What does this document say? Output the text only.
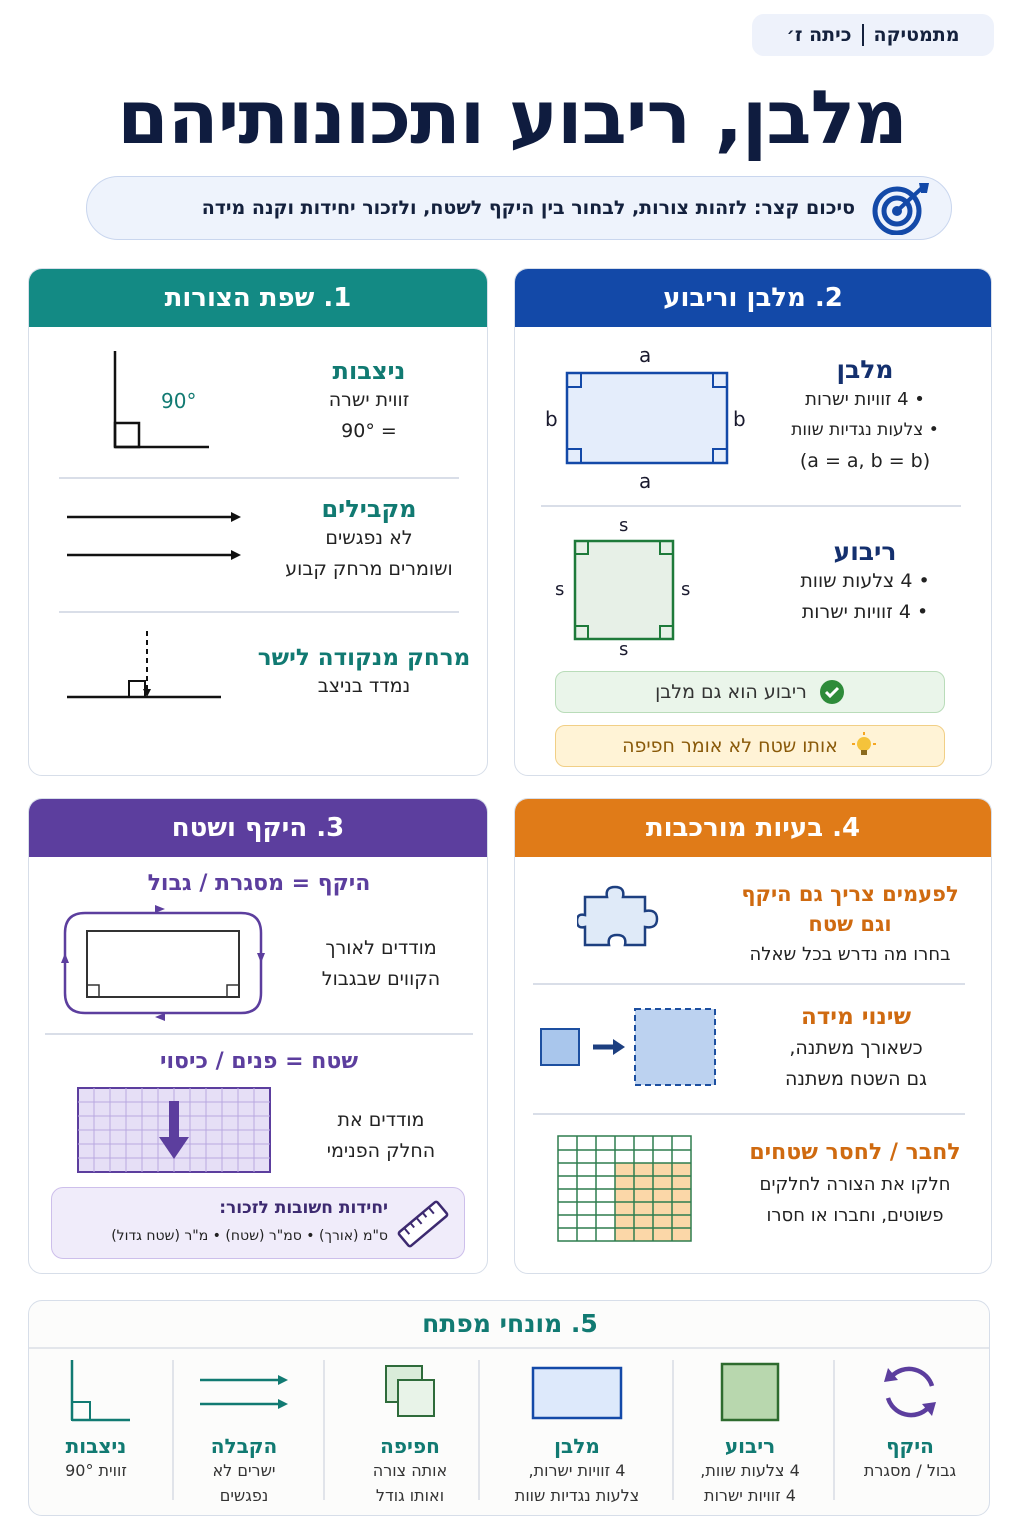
מתמטיקה
כיתה ז׳
מלבן, ריבוע ותכונותיהם
סיכום קצר: לזהות צורות, לבחור בין היקף לשטח, ולזכור יחידות וקנה מידה
1. שפת הצורות
90°
ניצבות
זווית ישרה
= 90°
מקבילים
לא נפגשים
ושומרים מרחק קבוע
מרחק מנקודה לישר
נמדד בניצב
2. מלבן וריבוע
a
a
b	b
מלבן
• 4 זוויות ישרות
• צלעות נגדיות שוות
(a = a, b = b)
s
s
s	s
ריבוע
• 4 צלעות שוות
• 4 זוויות ישרות
ריבוע הוא גם מלבן
אותו שטח לא אומר חפיפה
3. היקף ושטח
היקף = מסגרת / גבול
מודדים לאורך
הקווים שבגבול
שטח = פנים / כיסוי
מודדים את
החלק הפנימי
יחידות חשובות לזכור:
ס"מ (אורך) • סמ"ר (שטח) • מ"ר (שטח גדול)
4. בעיות מורכבות
לפעמים צריך גם היקף
וגם שטח
בחרו מה נדרש בכל שאלה
שינוי מידה
כשאורך משתנה,
גם השטח משתנה
לחבר / לחסר שטחים
חלקו את הצורה לחלקים
פשוטים, וחברו או חסרו
5. מונחי מפתח
היקף
גבול / מסגרת
ריבוע
4 צלעות שוות,
4 זוויות ישרות
מלבן
4 זוויות ישרות,
צלעות נגדיות שוות
חפיפה
אותה צורה
ואותו גודל
הקבלה
ישרים לא
נפגשים
ניצבות
זווית 90°
